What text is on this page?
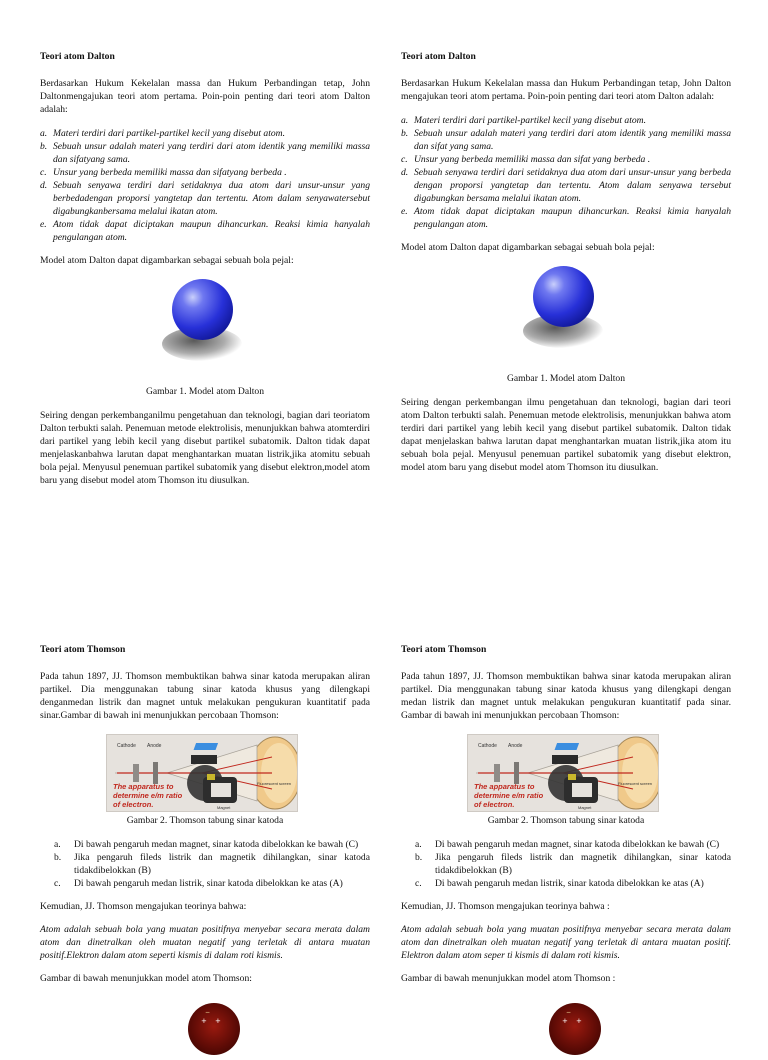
Teori atom Dalton

Berdasarkan Hukum Kekelalan massa dan Hukum Perbandingan tetap, John Daltonmengajukan teori atom pertama. Poin-poin penting dari teori atom Dalton adalah:

a. Materi terdiri dari partikel-partikel kecil yang disebut atom.
b. Sebuah unsur adalah materi yang terdiri dari atom identik yang memiliki massa dan sifatyang sama.
c. Unsur yang berbeda memiliki massa dan sifatyang berbeda .
d. Sebuah senyawa terdiri dari setidaknya dua atom dari unsur-unsur yang berbedadengan proporsi yangtetap dan tertentu. Atom dalam senyawatersebut digabungkanbersama melalui ikatan atom.
e. Atom tidak dapat diciptakan maupun dihancurkan. Reaksi kimia hanyalah pengulangan atom.

Model atom Dalton dapat digambarkan sebagai sebuah bola pejal:

Gambar 1. Model atom Dalton

Seiring dengan perkembanganilmu pengetahuan dan teknologi, bagian dari teoriatom Dalton terbukti salah. Penemuan metode elektrolisis, menunjukkan bahwa atomterdiri dari partikel yang lebih kecil yang disebut partikel subatomik. Dalton tidak dapat menjelaskanbahwa larutan dapat menghantarkan muatan listrik,jika atomitu sebuah bola pejal. Menyusul penemuan partikel subatomik yang disebut elektron,model atom baru yang disebut model atom Thomson itu diusulkan.

Teori atom Dalton

Berdasarkan Hukum Kekelalan massa dan Hukum Perbandingan tetap, John Dalton mengajukan teori atom pertama. Poin-poin penting dari teori atom Dalton adalah:

a. Materi terdiri dari partikel-partikel kecil yang disebut atom.
b. Sebuah unsur adalah materi yang terdiri dari atom identik yang memiliki massa dan sifat yang sama.
c. Unsur yang berbeda memiliki massa dan sifat yang berbeda .
d. Sebuah senyawa terdiri dari setidaknya dua atom dari unsur-unsur yang berbeda dengan proporsi yangtetap dan tertentu. Atom dalam senyawa tersebut digabungkan bersama melalui ikatan atom.
e. Atom tidak dapat diciptakan maupun dihancurkan. Reaksi kimia hanyalah pengulangan atom.

Model atom Dalton dapat digambarkan sebagai sebuah bola pejal:

Gambar 1. Model atom Dalton

Seiring dengan perkembangan ilmu pengetahuan dan teknologi, bagian dari teori atom Dalton terbukti salah. Penemuan metode elektrolisis, menunjukkan bahwa atom terdiri dari partikel yang lebih kecil yang disebut partikel subatomik. Dalton tidak dapat menjelaskan bahwa larutan dapat menghantarkan muatan listrik,jika atom itu sebuah bola pejal. Menyusul penemuan partikel subatomik yang disebut elektron, model atom baru yang disebut model atom Thomson itu diusulkan.

Teori atom Thomson

Pada tahun 1897, JJ. Thomson membuktikan bahwa sinar katoda merupakan aliran partikel. Dia menggunakan tabung sinar katoda khusus yang dilengkapi denganmedan listrik dan magnet untuk melakukan pengukuran kuantitatif pada sinar.Gambar di bawah ini menunjukkan percobaan Thomson:

Cathode Anode
Fluorescent screen
Magnet
The apparatus to
determine e/m ratio
of electron.

Gambar 2. Thomson tabung sinar katoda

a.	Di bawah pengaruh medan magnet, sinar katoda dibelokkan ke bawah (C)
b.	Jika pengaruh fileds listrik dan magnetik dihilangkan, sinar katoda tidakdibelokkan (B)
c.	Di bawah pengaruh medan listrik, sinar katoda dibelokkan ke atas (A)

Kemudian, JJ. Thomson mengajukan teorinya bahwa:

Atom adalah sebuah bola yang muatan positifnya menyebar secara merata dalam atom dan dinetralkan oleh muatan negatif yang terletak di antara muatan positif.Elektron dalam atom seperti kismis di dalam roti kismis.

Gambar di bawah menunjukkan model atom Thomson:

Teori atom Thomson

Pada tahun 1897, JJ. Thomson membuktikan bahwa sinar katoda merupakan aliran partikel. Dia menggunakan tabung sinar katoda khusus yang dilengkapi dengan medan listrik dan magnet untuk melakukan pengukuran kuantitatif pada sinar. Gambar di bawah ini menunjukkan percobaan Thomson:

Cathode Anode
Fluorescent screen
Magnet
The apparatus to
determine e/m ratio
of electron.

Gambar 2. Thomson tabung sinar katoda

a.	Di bawah pengaruh medan magnet, sinar katoda dibelokkan ke bawah (C)
b.	Jika pengaruh fileds listrik dan magnetik dihilangkan, sinar katoda tidakdibelokkan (B)
c.	Di bawah pengaruh medan listrik, sinar katoda dibelokkan ke atas (A)

Kemudian, JJ. Thomson mengajukan teorinya bahwa :

Atom adalah sebuah bola yang muatan positifnya menyebar secara merata dalam atom dan dinetralkan oleh muatan negatif yang terletak di antara muatan positif. Elektron dalam atom seper ti kismis di dalam roti kismis.

Gambar di bawah menunjukkan model atom Thomson :

−
+ +
−
+ +
